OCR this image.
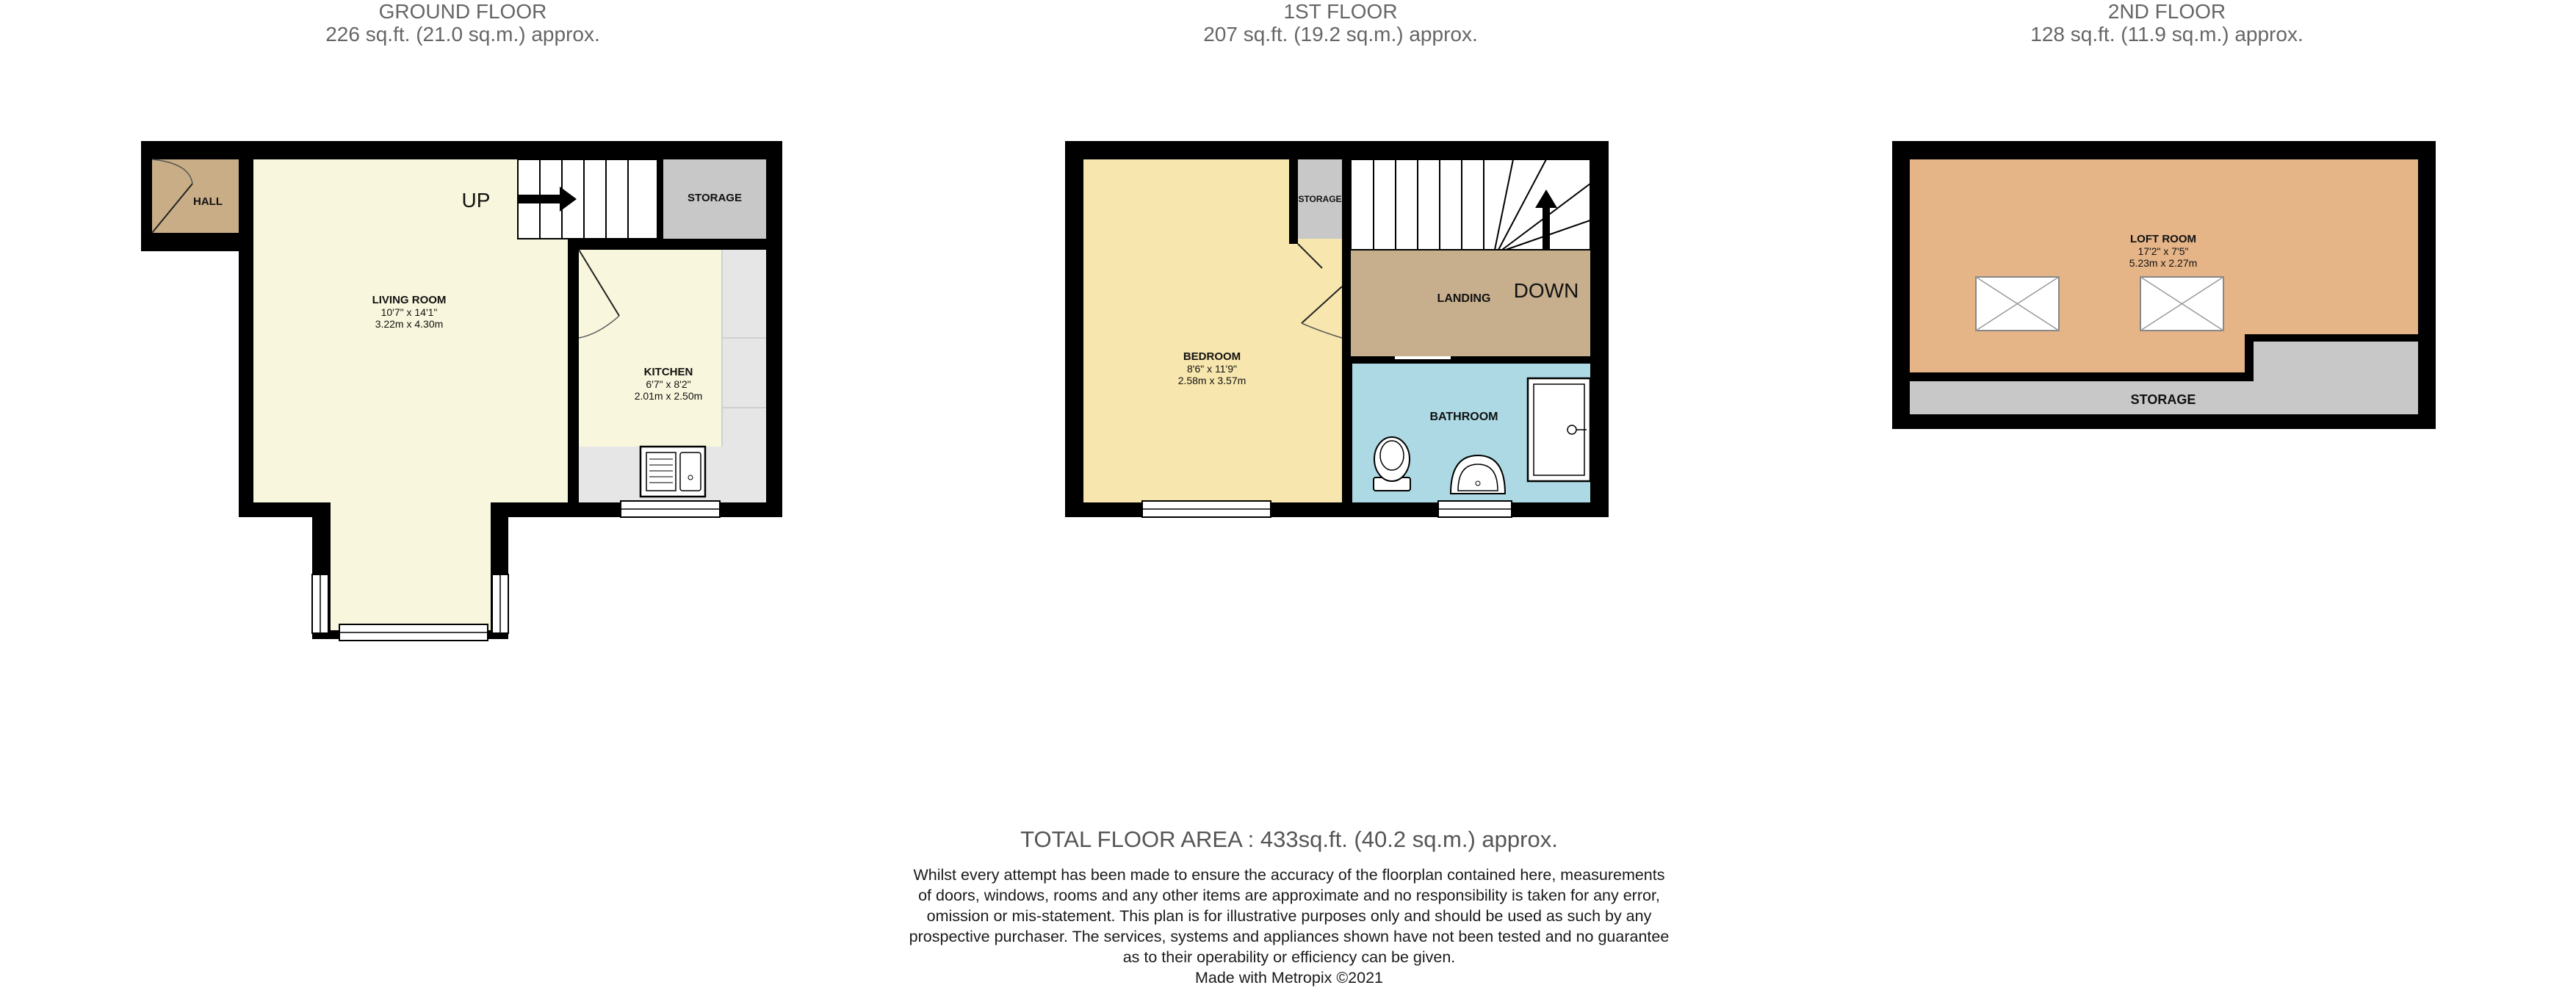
GROUND FLOOR
226 sq.ft. (21.0 sq.m.) approx.
1ST FLOOR
207 sq.ft. (19.2 sq.m.) approx.
2ND FLOOR
128 sq.ft. (11.9 sq.m.) approx.
HALL	UP	STORAGE
LIVING ROOM
10'7" x 14'1"
3.22m x 4.30m
KITCHEN
6'7" x 8'2"
2.01m x 2.50m
BEDROOM
8'6" x 11'9"
2.58m x 3.57m
STORAGE
LANDING DOWN
BATHROOM
LOFT ROOM
17'2" x 7'5"
5.23m x 2.27m
STORAGE
TOTAL FLOOR AREA : 433sq.ft. (40.2 sq.m.) approx.
Whilst every attempt has been made to ensure the accuracy of the floorplan contained here, measurements
of doors, windows, rooms and any other items are approximate and no responsibility is taken for any error,
omission or mis-statement. This plan is for illustrative purposes only and should be used as such by any
prospective purchaser. The services, systems and appliances shown have not been tested and no guarantee
as to their operability or efficiency can be given.
Made with Metropix ©2021
